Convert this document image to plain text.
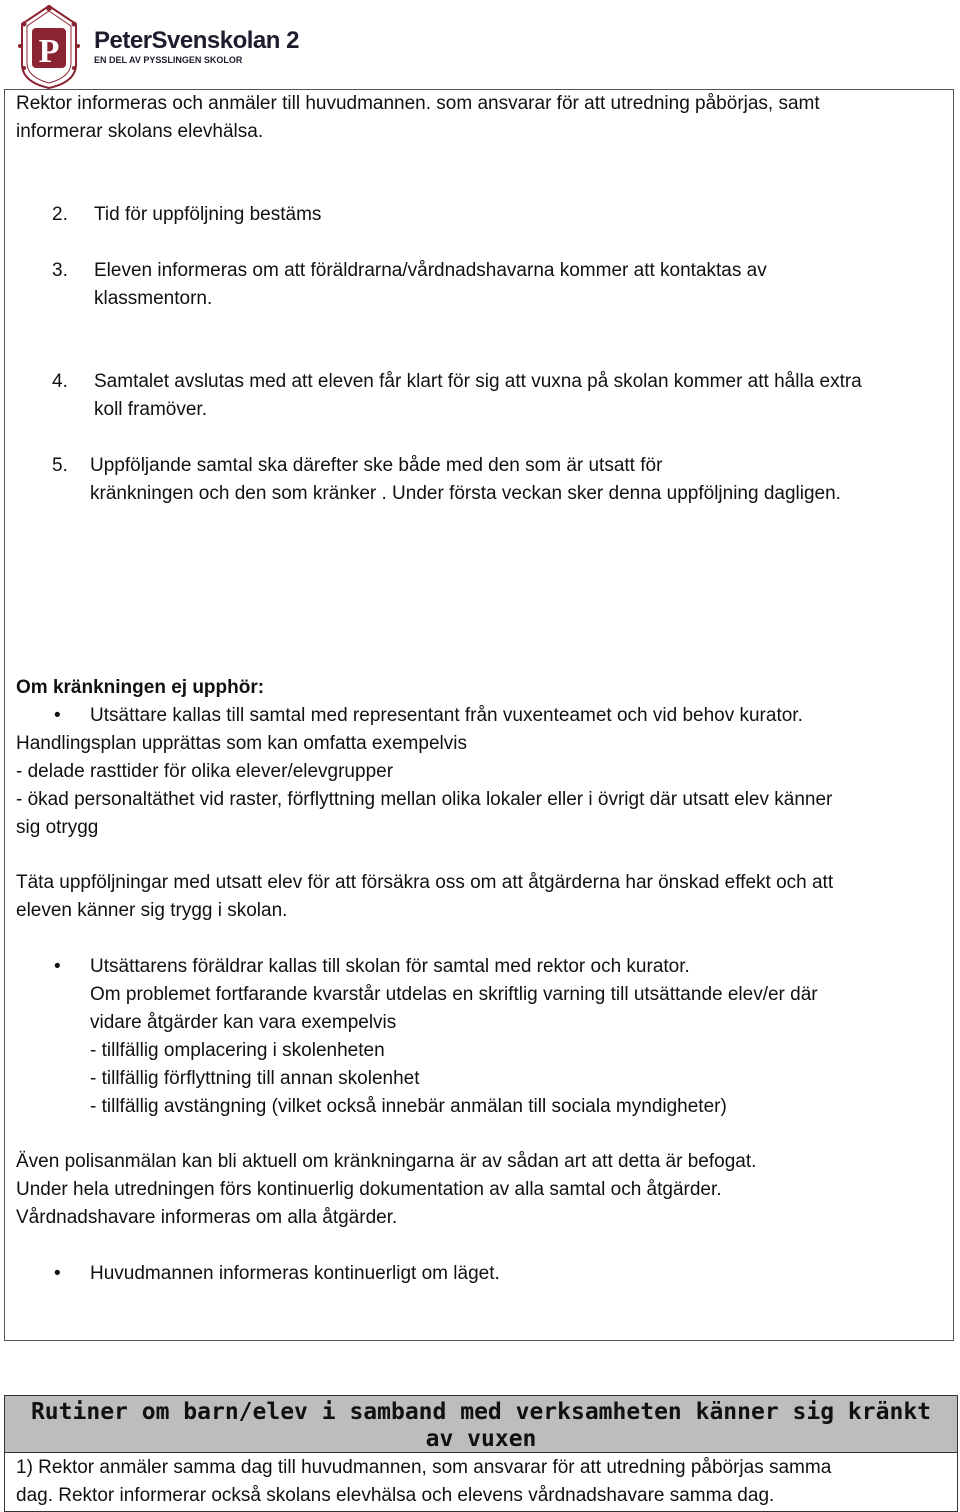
P PeterSvenskolan 2
EN DEL AV PYSSLINGEN SKOLOR
Rektor informeras och anmäler till huvudmannen. som ansvarar för att utredning påbörjas, samt
informerar skolans elevhälsa.
2.	Tid för uppföljning bestäms
3.	Eleven informeras om att föräldrarna/vårdnadshavarna kommer att kontaktas av
klassmentorn.
4.	Samtalet avslutas med att eleven får klart för sig att vuxna på skolan kommer att hålla extra
koll framöver.
5.	Uppföljande samtal ska därefter ske både med den som är utsatt för
kränkningen och den som kränker . Under första veckan sker denna uppföljning dagligen.
Om kränkningen ej upphör:
• Utsättare kallas till samtal med representant från vuxenteamet och vid behov kurator.
Handlingsplan upprättas som kan omfatta exempelvis
- delade rasttider för olika elever/elevgrupper
- ökad personaltäthet vid raster, förflyttning mellan olika lokaler eller i övrigt där utsatt elev känner
sig otrygg
Täta uppföljningar med utsatt elev för att försäkra oss om att åtgärderna har önskad effekt och att
eleven känner sig trygg i skolan.
• Utsättarens föräldrar kallas till skolan för samtal med rektor och kurator.
Om problemet fortfarande kvarstår utdelas en skriftlig varning till utsättande elev/er där
vidare åtgärder kan vara exempelvis
- tillfällig omplacering i skolenheten
- tillfällig förflyttning till annan skolenhet
- tillfällig avstängning (vilket också innebär anmälan till sociala myndigheter)
Även polisanmälan kan bli aktuell om kränkningarna är av sådan art att detta är befogat.
Under hela utredningen förs kontinuerlig dokumentation av alla samtal och åtgärder.
Vårdnadshavare informeras om alla åtgärder.
• Huvudmannen informeras kontinuerligt om läget.
Rutiner om barn/elev i samband med verksamheten känner sig kränkt
av vuxen
1) Rektor anmäler samma dag till huvudmannen, som ansvarar för att utredning påbörjas samma
dag. Rektor informerar också skolans elevhälsa och elevens vårdnadshavare samma dag.
